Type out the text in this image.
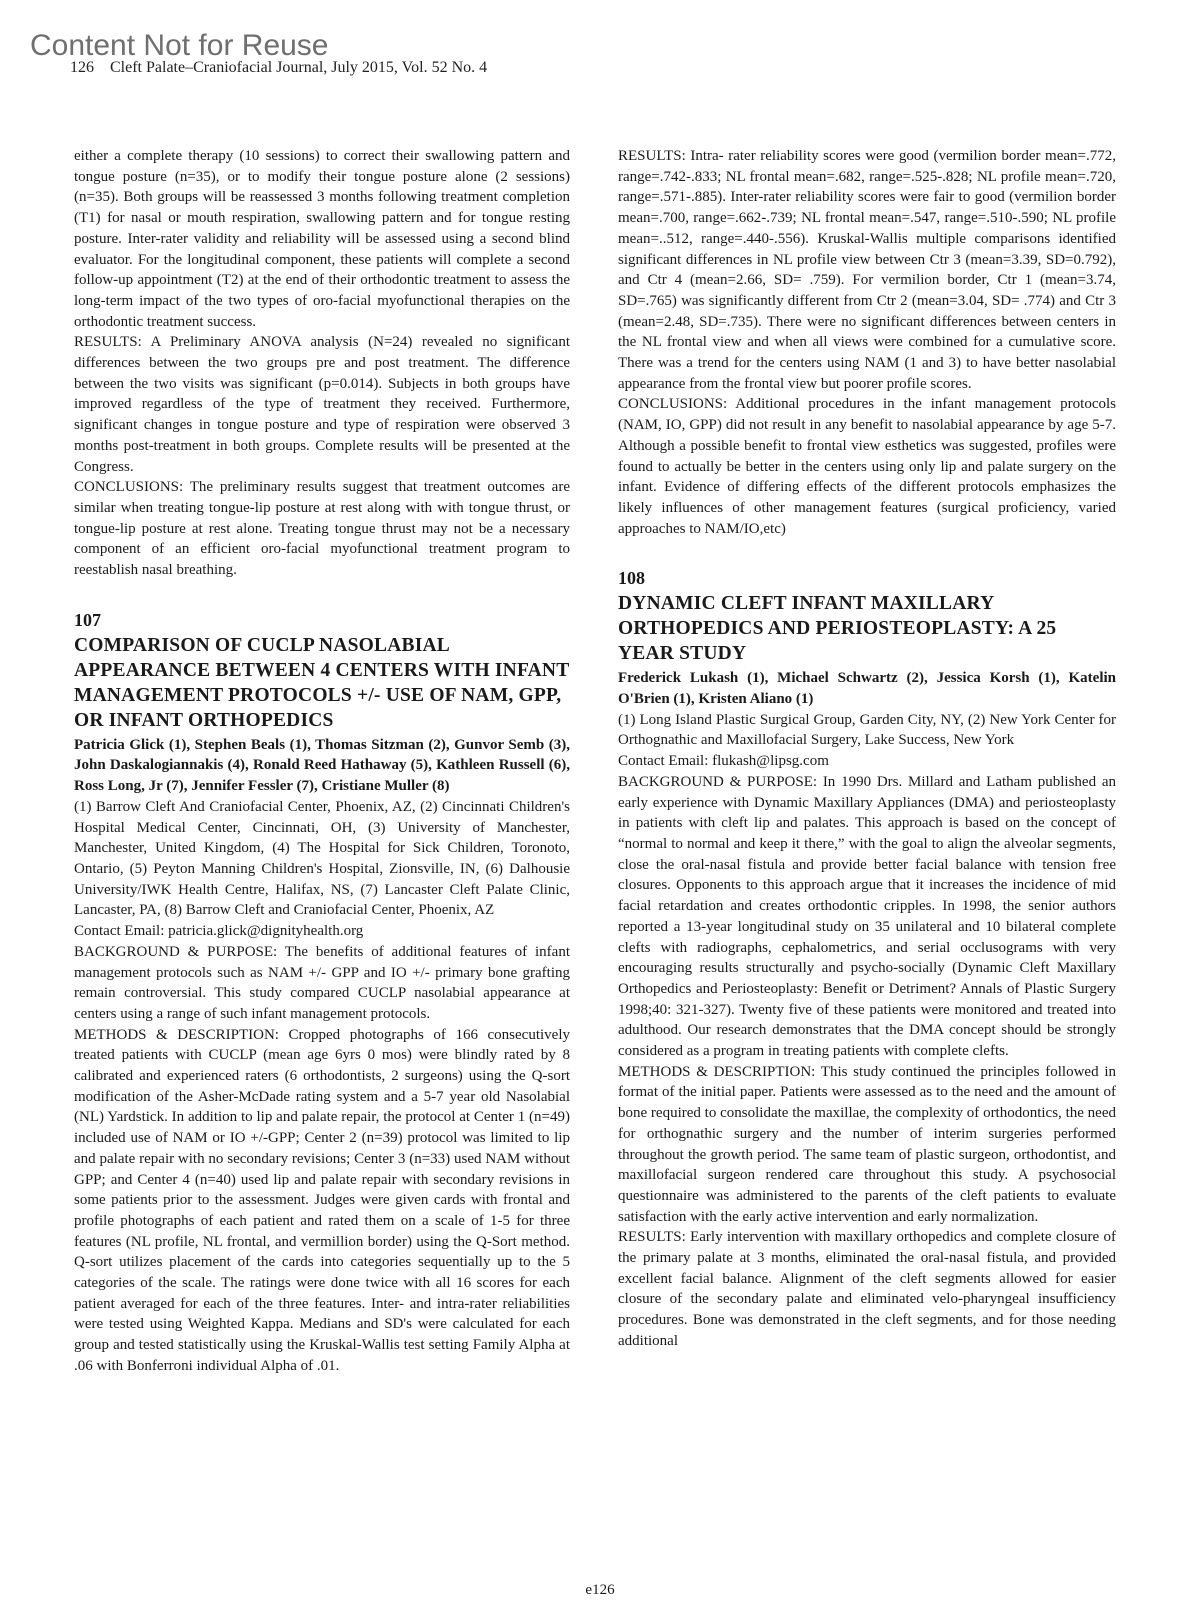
Content Not for Reuse
126 Cleft Palate–Craniofacial Journal, July 2015, Vol. 52 No. 4

either a complete therapy (10 sessions) to correct their swallowing pattern and tongue posture (n=35), or to modify their tongue posture alone (2 sessions) (n=35). Both groups will be reassessed 3 months following treatment completion (T1) for nasal or mouth respiration, swallowing pattern and for tongue resting posture. Inter-rater validity and reliability will be assessed using a second blind evaluator. For the longitudinal component, these patients will complete a second follow-up appointment (T2) at the end of their orthodontic treatment to assess the long-term impact of the two types of oro-facial myofunctional therapies on the orthodontic treatment success.

RESULTS: A Preliminary ANOVA analysis (N=24) revealed no significant differences between the two groups pre and post treatment. The difference between the two visits was significant (p=0.014). Subjects in both groups have improved regardless of the type of treatment they received. Furthermore, significant changes in tongue posture and type of respiration were observed 3 months post-treatment in both groups. Complete results will be presented at the Congress.

CONCLUSIONS: The preliminary results suggest that treatment outcomes are similar when treating tongue-lip posture at rest along with with tongue thrust, or tongue-lip posture at rest alone. Treating tongue thrust may not be a necessary component of an efficient oro-facial myofunctional treatment program to reestablish nasal breathing.

107
COMPARISON OF CUCLP NASOLABIAL APPEARANCE BETWEEN 4 CENTERS WITH INFANT MANAGEMENT PROTOCOLS +/- USE OF NAM, GPP, OR INFANT ORTHOPEDICS

Patricia Glick (1), Stephen Beals (1), Thomas Sitzman (2), Gunvor Semb (3), John Daskalogiannakis (4), Ronald Reed Hathaway (5), Kathleen Russell (6), Ross Long, Jr (7), Jennifer Fessler (7), Cristiane Muller (8)

(1) Barrow Cleft And Craniofacial Center, Phoenix, AZ, (2) Cincinnati Children's Hospital Medical Center, Cincinnati, OH, (3) University of Manchester, Manchester, United Kingdom, (4) The Hospital for Sick Children, Toronoto, Ontario, (5) Peyton Manning Children's Hospital, Zionsville, IN, (6) Dalhousie University/IWK Health Centre, Halifax, NS, (7) Lancaster Cleft Palate Clinic, Lancaster, PA, (8) Barrow Cleft and Craniofacial Center, Phoenix, AZ

Contact Email: patricia.glick@dignityhealth.org

BACKGROUND & PURPOSE: The benefits of additional features of infant management protocols such as NAM +/- GPP and IO +/- primary bone grafting remain controversial. This study compared CUCLP nasolabial appearance at centers using a range of such infant management protocols.

METHODS & DESCRIPTION: Cropped photographs of 166 consecutively treated patients with CUCLP (mean age 6yrs 0 mos) were blindly rated by 8 calibrated and experienced raters (6 orthodontists, 2 surgeons) using the Q-sort modification of the Asher-McDade rating system and a 5-7 year old Nasolabial (NL) Yardstick. In addition to lip and palate repair, the protocol at Center 1 (n=49) included use of NAM or IO +/-GPP; Center 2 (n=39) protocol was limited to lip and palate repair with no secondary revisions; Center 3 (n=33) used NAM without GPP; and Center 4 (n=40) used lip and palate repair with secondary revisions in some patients prior to the assessment. Judges were given cards with frontal and profile photographs of each patient and rated them on a scale of 1-5 for three features (NL profile, NL frontal, and vermillion border) using the Q-Sort method. Q-sort utilizes placement of the cards into categories sequentially up to the 5 categories of the scale. The ratings were done twice with all 16 scores for each patient averaged for each of the three features. Inter- and intra-rater reliabilities were tested using Weighted Kappa. Medians and SD's were calculated for each group and tested statistically using the Kruskal-Wallis test setting Family Alpha at .06 with Bonferroni individual Alpha of .01.

RESULTS: Intra- rater reliability scores were good (vermilion border mean=.772, range=.742-.833; NL frontal mean=.682, range=.525-.828; NL profile mean=.720, range=.571-.885). Inter-rater reliability scores were fair to good (vermilion border mean=.700, range=.662-.739; NL frontal mean=.547, range=.510-.590; NL profile mean=..512, range=.440-.556). Kruskal-Wallis multiple comparisons identified significant differences in NL profile view between Ctr 3 (mean=3.39, SD=0.792), and Ctr 4 (mean=2.66, SD= .759). For vermilion border, Ctr 1 (mean=3.74, SD=.765) was significantly different from Ctr 2 (mean=3.04, SD= .774) and Ctr 3 (mean=2.48, SD=.735). There were no significant differences between centers in the NL frontal view and when all views were combined for a cumulative score. There was a trend for the centers using NAM (1 and 3) to have better nasolabial appearance from the frontal view but poorer profile scores.

CONCLUSIONS: Additional procedures in the infant management protocols (NAM, IO, GPP) did not result in any benefit to nasolabial appearance by age 5-7. Although a possible benefit to frontal view esthetics was suggested, profiles were found to actually be better in the centers using only lip and palate surgery on the infant. Evidence of differing effects of the different protocols emphasizes the likely influences of other management features (surgical proficiency, varied approaches to NAM/IO,etc)

108
DYNAMIC CLEFT INFANT MAXILLARY ORTHOPEDICS AND PERIOSTEOPLASTY: A 25 YEAR STUDY

Frederick Lukash (1), Michael Schwartz (2), Jessica Korsh (1), Katelin O'Brien (1), Kristen Aliano (1)

(1) Long Island Plastic Surgical Group, Garden City, NY, (2) New York Center for Orthognathic and Maxillofacial Surgery, Lake Success, New York

Contact Email: flukash@lipsg.com

BACKGROUND & PURPOSE: In 1990 Drs. Millard and Latham published an early experience with Dynamic Maxillary Appliances (DMA) and periosteoplasty in patients with cleft lip and palates. This approach is based on the concept of “normal to normal and keep it there,” with the goal to align the alveolar segments, close the oral-nasal fistula and provide better facial balance with tension free closures. Opponents to this approach argue that it increases the incidence of mid facial retardation and creates orthodontic cripples. In 1998, the senior authors reported a 13-year longitudinal study on 35 unilateral and 10 bilateral complete clefts with radiographs, cephalometrics, and serial occlusograms with very encouraging results structurally and psycho-socially (Dynamic Cleft Maxillary Orthopedics and Periosteoplasty: Benefit or Detriment? Annals of Plastic Surgery 1998;40: 321-327). Twenty five of these patients were monitored and treated into adulthood. Our research demonstrates that the DMA concept should be strongly considered as a program in treating patients with complete clefts.

METHODS & DESCRIPTION: This study continued the principles followed in format of the initial paper. Patients were assessed as to the need and the amount of bone required to consolidate the maxillae, the complexity of orthodontics, the need for orthognathic surgery and the number of interim surgeries performed throughout the growth period. The same team of plastic surgeon, orthodontist, and maxillofacial surgeon rendered care throughout this study. A psychosocial questionnaire was administered to the parents of the cleft patients to evaluate satisfaction with the early active intervention and early normalization.

RESULTS: Early intervention with maxillary orthopedics and complete closure of the primary palate at 3 months, eliminated the oral-nasal fistula, and provided excellent facial balance. Alignment of the cleft segments allowed for easier closure of the secondary palate and eliminated velo-pharyngeal insufficiency procedures. Bone was demonstrated in the cleft segments, and for those needing additional

e126
